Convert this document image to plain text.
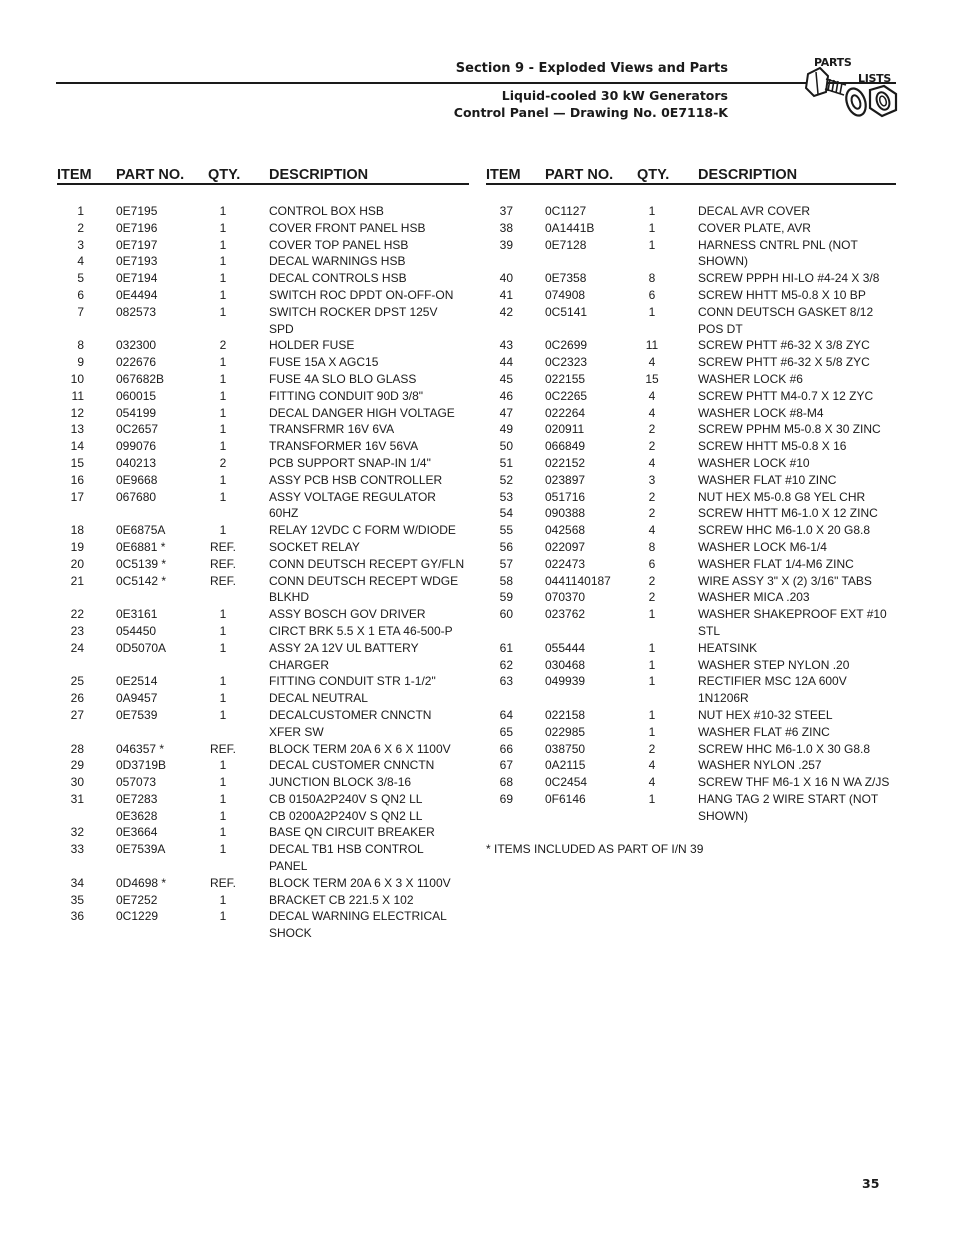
Section 9 - Exploded Views and Parts
Liquid-cooled 30 kW Generators
Control Panel — Drawing No. 0E7118-K
PARTS
LISTS
ITEM PART NO. QTY. DESCRIPTION
1	0E7195	1	CONTROL BOX HSB
2	0E7196	1	COVER FRONT PANEL HSB
3	0E7197	1	COVER TOP PANEL HSB
4	0E7193	1	DECAL WARNINGS HSB
5	0E7194	1	DECAL CONTROLS HSB
6	0E4494	1	SWITCH ROC DPDT ON-OFF-ON
7	082573	1	SWITCH ROCKER DPST 125V SPD
8	032300	2	HOLDER FUSE
9	022676	1	FUSE 15A X AGC15
10	067682B	1	FUSE 4A SLO BLO GLASS
11	060015	1	FITTING CONDUIT 90D 3/8"
12	054199	1	DECAL DANGER HIGH VOLTAGE
13	0C2657	1	TRANSFRMR 16V 6VA
14	099076	1	TRANSFORMER 16V 56VA
15	040213	2	PCB SUPPORT SNAP-IN 1/4"
16	0E9668	1	ASSY PCB HSB CONTROLLER
17	067680	1	ASSY VOLTAGE REGULATOR 60HZ
18	0E6875A	1	RELAY 12VDC C FORM W/DIODE
19	0E6881 *	REF.	SOCKET RELAY
20	0C5139 *	REF.	CONN DEUTSCH RECEPT GY/FLN
21	0C5142 *	REF.	CONN DEUTSCH RECEPT WDGE BLKHD
22	0E3161	1	ASSY BOSCH GOV DRIVER
23	054450	1	CIRCT BRK 5.5 X 1 ETA 46-500-P
24	0D5070A	1	ASSY 2A 12V UL BATTERY CHARGER
25	0E2514	1	FITTING CONDUIT STR 1-1/2"
26	0A9457	1	DECAL NEUTRAL
27	0E7539	1	DECALCUSTOMER CNNCTN XFER SW
28	046357 *	REF.	BLOCK TERM 20A 6 X 6 X 1100V
29	0D3719B	1	DECAL CUSTOMER CNNCTN
30	057073	1	JUNCTION BLOCK 3/8-16
31	0E7283	1	CB 0150A2P240V S QN2 LL
0E3628	1	CB 0200A2P240V S QN2 LL
32	0E3664	1	BASE QN CIRCUIT BREAKER
33	0E7539A	1	DECAL TB1 HSB CONTROL PANEL
34	0D4698 *	REF.	BLOCK TERM 20A 6 X 3 X 1100V
35	0E7252	1	BRACKET CB 221.5 X 102
36	0C1229	1	DECAL WARNING ELECTRICAL SHOCK
ITEM PART NO. QTY. DESCRIPTION
37	0C1127	1	DECAL AVR COVER
38	0A1441B	1	COVER PLATE, AVR
39	0E7128	1	HARNESS CNTRL PNL (NOT SHOWN)
40	0E7358	8	SCREW PPPH HI-LO #4-24 X 3/8
41	074908	6	SCREW HHTT M5-0.8 X 10 BP
42	0C5141	1	CONN DEUTSCH GASKET 8/12 POS DT
43	0C2699	11	SCREW PHTT #6-32 X 3/8 ZYC
44	0C2323	4	SCREW PHTT #6-32 X 5/8 ZYC
45	022155	15	WASHER LOCK #6
46	0C2265	4	SCREW PHTT M4-0.7 X 12 ZYC
47	022264	4	WASHER LOCK #8-M4
49	020911	2	SCREW PPHM M5-0.8 X 30 ZINC
50	066849	2	SCREW HHTT M5-0.8 X 16
51	022152	4	WASHER LOCK #10
52	023897	3	WASHER FLAT #10 ZINC
53	051716	2	NUT HEX M5-0.8 G8 YEL CHR
54	090388	2	SCREW HHTT M6-1.0 X 12 ZINC
55	042568	4	SCREW HHC M6-1.0 X 20 G8.8
56	022097	8	WASHER LOCK M6-1/4
57	022473	6	WASHER FLAT 1/4-M6 ZINC
58	0441140187	2	WIRE ASSY 3" X (2) 3/16" TABS
59	070370	2	WASHER MICA .203
60	023762	1	WASHER SHAKEPROOF EXT #10 STL
61	055444	1	HEATSINK
62	030468	1	WASHER STEP NYLON .20
63	049939	1	RECTIFIER MSC 12A 600V 1N1206R
64	022158	1	NUT HEX #10-32 STEEL
65	022985	1	WASHER FLAT #6 ZINC
66	038750	2	SCREW HHC M6-1.0 X 30 G8.8
67	0A2115	4	WASHER NYLON .257
68	0C2454	4	SCREW THF M6-1 X 16 N WA Z/JS
69	0F6146	1	HANG TAG 2 WIRE START (NOT SHOWN)
* ITEMS INCLUDED AS PART OF I/N 39
35
